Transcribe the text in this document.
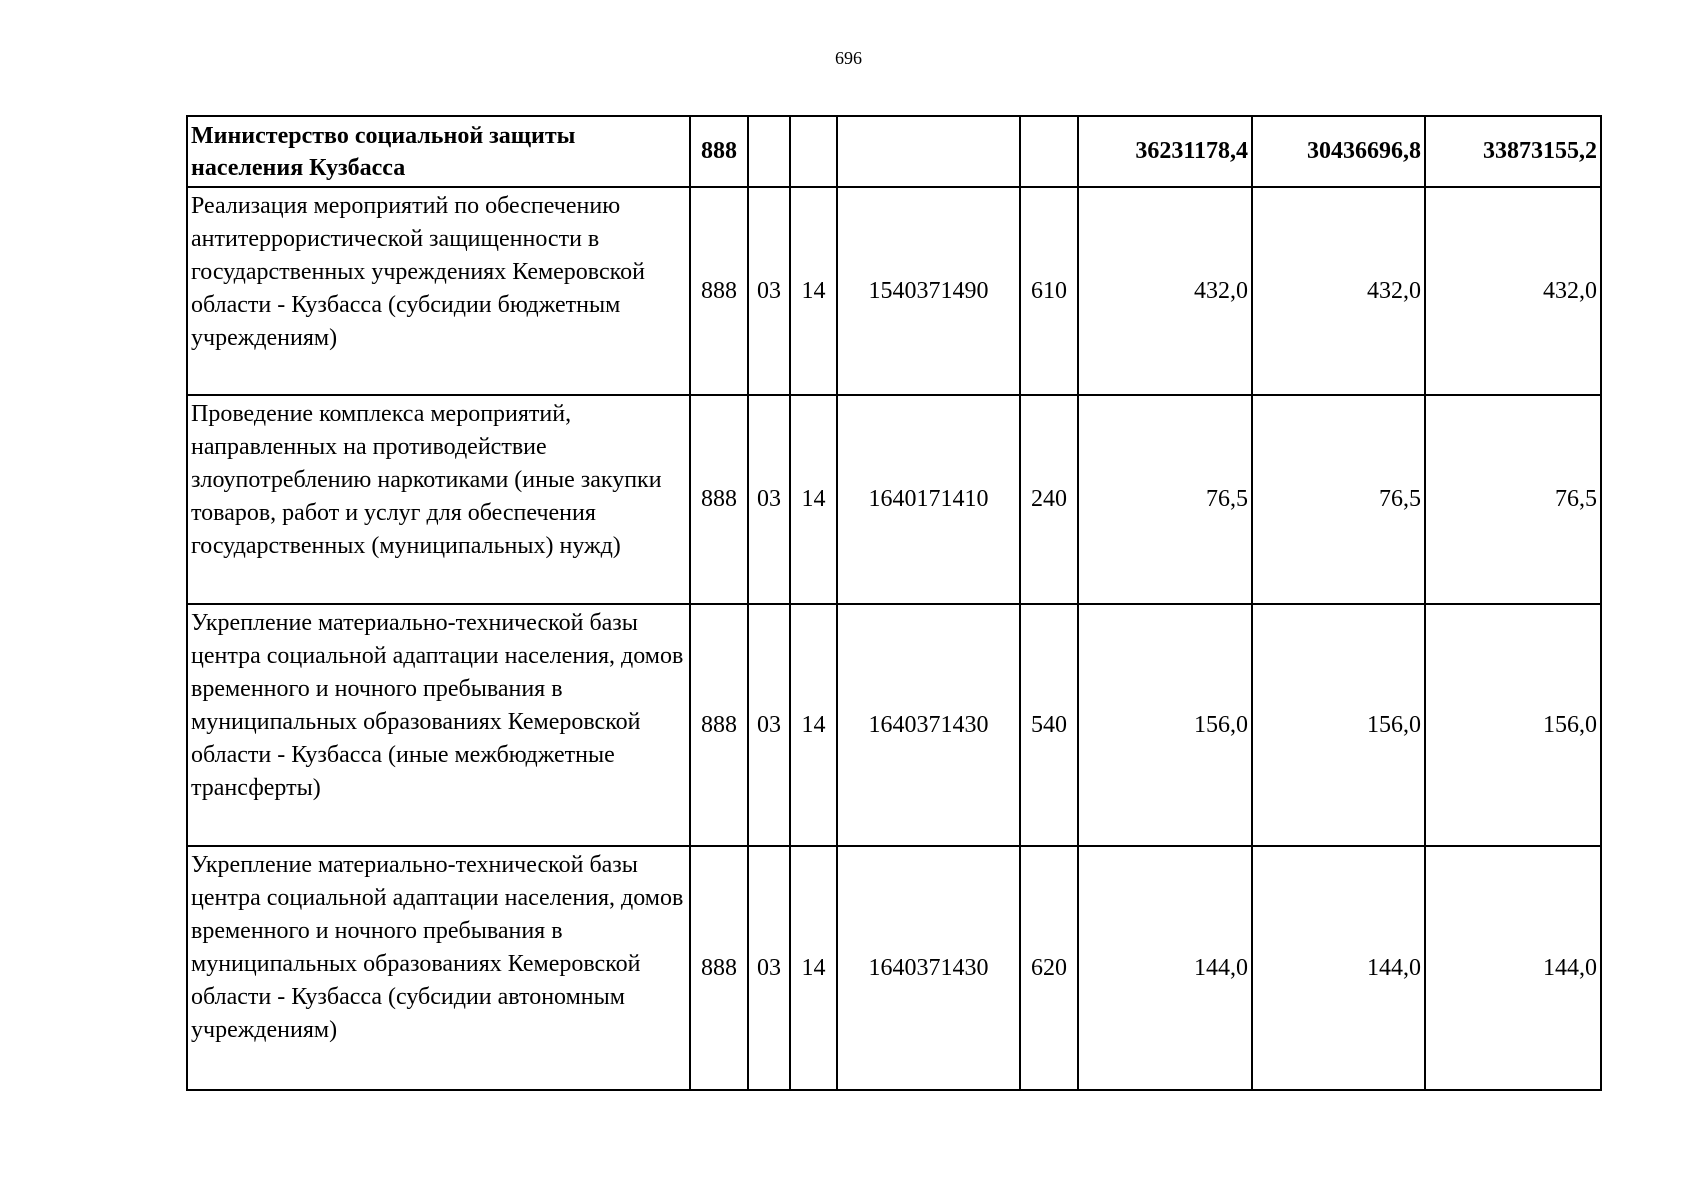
696
Министерство социальной защиты населения Кузбасса	888					36231178,4	30436696,8	33873155,2
Реализация мероприятий по обеспечению антитеррористической защищенности в государственных учреждениях Кемеровской области - Кузбасса (субсидии бюджетным учреждениям)	888	03	14	1540371490	610	432,0	432,0	432,0
Проведение комплекса мероприятий, направленных на противодействие злоупотреблению наркотиками (иные закупки товаров, работ и услуг для обеспечения государственных (муниципальных) нужд)	888	03	14	1640171410	240	76,5	76,5	76,5
Укрепление материально-технической базы центра социальной адаптации населения, домов временного и ночного пребывания в муниципальных образованиях Кемеровской области - Кузбасса (иные межбюджетные трансферты)	888	03	14	1640371430	540	156,0	156,0	156,0
Укрепление материально-технической базы центра социальной адаптации населения, домов временного и ночного пребывания в муниципальных образованиях Кемеровской области - Кузбасса (субсидии автономным учреждениям)	888	03	14	1640371430	620	144,0	144,0	144,0
